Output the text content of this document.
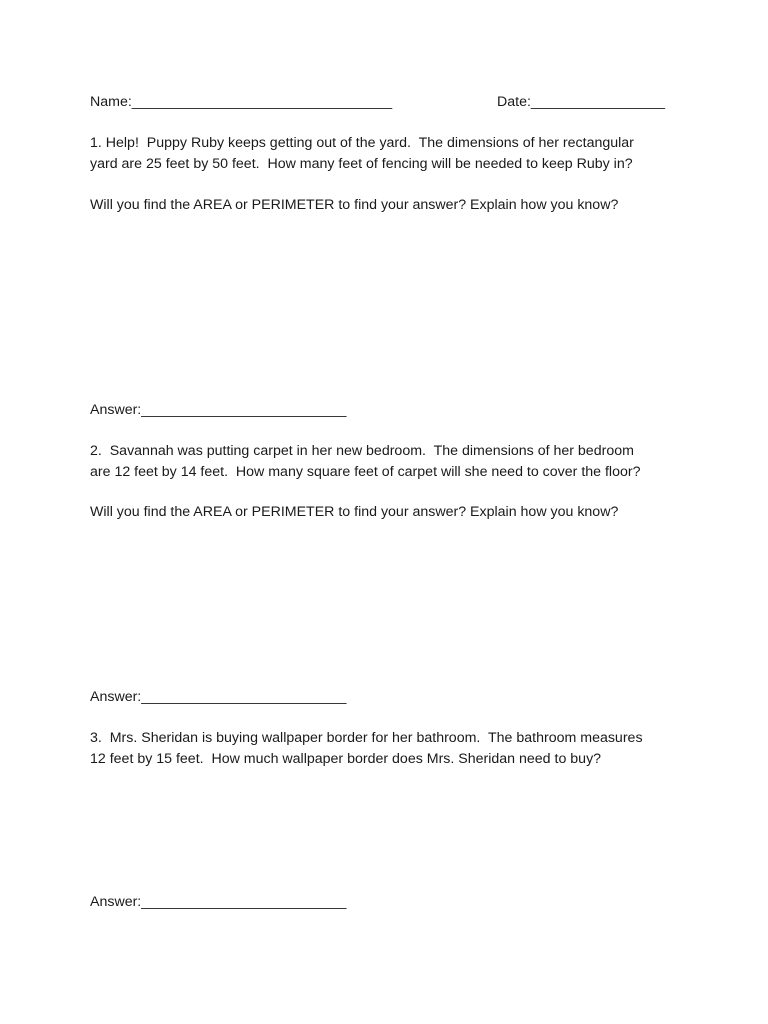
Name:_________________________________	Date:_________________
1. Help!  Puppy Ruby keeps getting out of the yard.  The dimensions of her rectangular
yard are 25 feet by 50 feet.  How many feet of fencing will be needed to keep Ruby in?
Will you find the AREA or PERIMETER to find your answer? Explain how you know?
Answer:__________________________
2.  Savannah was putting carpet in her new bedroom.  The dimensions of her bedroom
are 12 feet by 14 feet.  How many square feet of carpet will she need to cover the floor?
Will you find the AREA or PERIMETER to find your answer? Explain how you know?
Answer:__________________________
3.  Mrs. Sheridan is buying wallpaper border for her bathroom.  The bathroom measures
12 feet by 15 feet.  How much wallpaper border does Mrs. Sheridan need to buy?
Answer:__________________________
